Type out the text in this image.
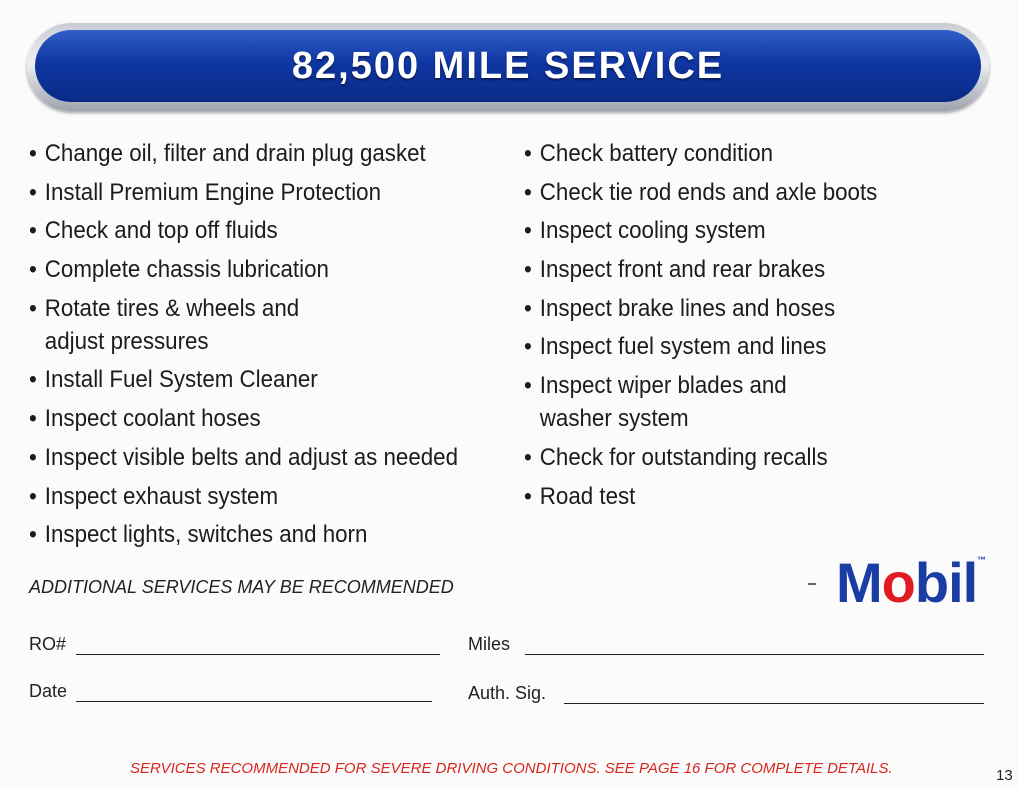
82,500 MILE SERVICE
• Change oil, filter and drain plug gasket
• Install Premium Engine Protection
• Check and top off fluids
• Complete chassis lubrication
• Rotate tires & wheels and adjust pressures
• Install Fuel System Cleaner
• Inspect coolant hoses
• Inspect visible belts and adjust as needed
• Inspect exhaust system
• Inspect lights, switches and horn
• Check battery condition
• Check tie rod ends and axle boots
• Inspect cooling system
• Inspect front and rear brakes
• Inspect brake lines and hoses
• Inspect fuel system and lines
• Inspect wiper blades and washer system
• Check for outstanding recalls
• Road test
ADDITIONAL SERVICES MAY BE RECOMMENDED	Mobil ™
RO#	Miles
Date	Auth. Sig.
SERVICES RECOMMENDED FOR SEVERE DRIVING CONDITIONS. SEE PAGE 16 FOR COMPLETE DETAILS.	13
